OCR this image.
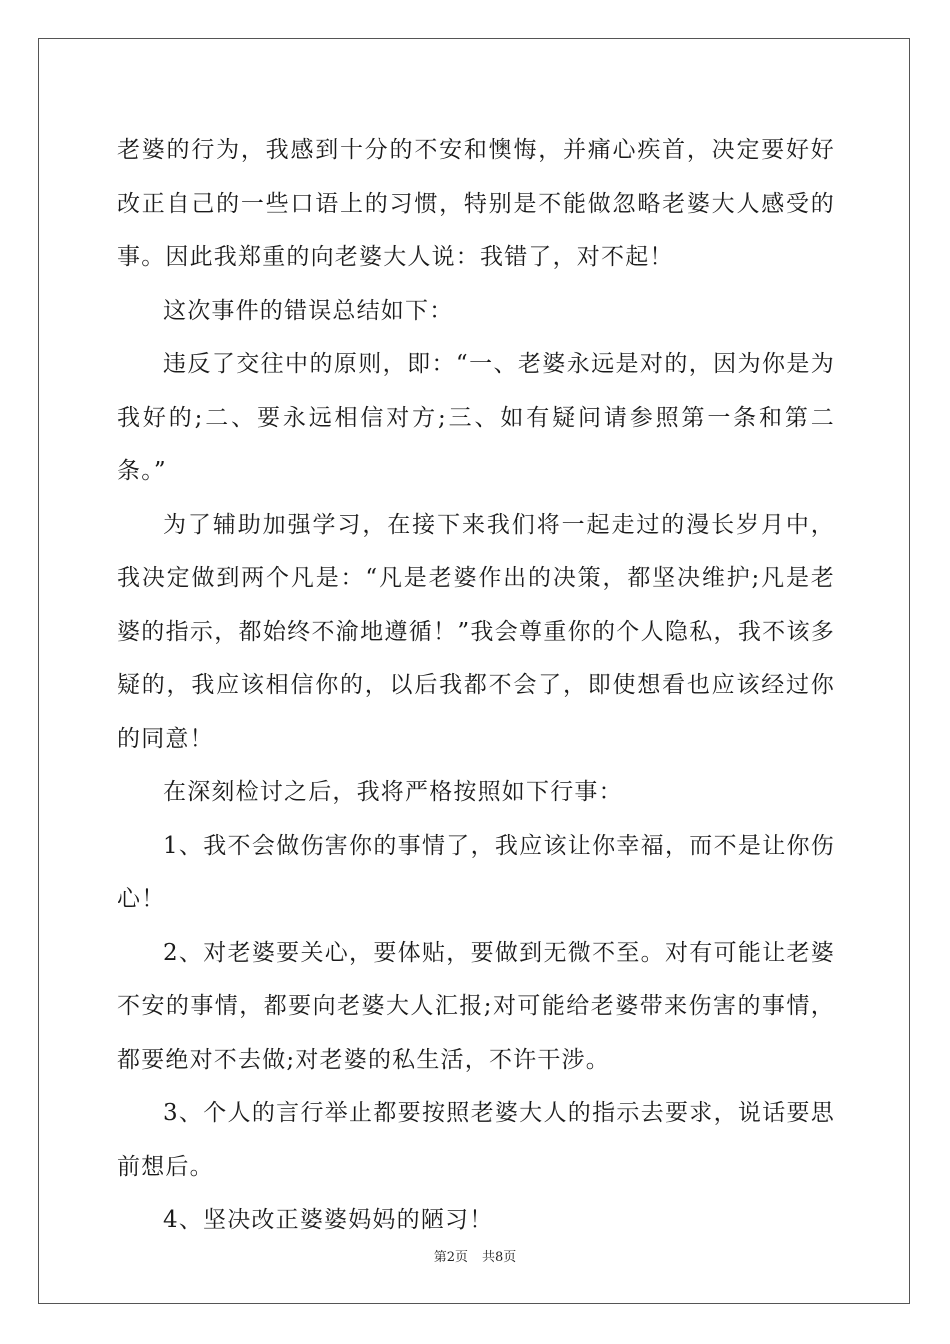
老婆的行为，我感到十分的不安和懊悔，并痛心疾首，决定要好好改正自己的一些口语上的习惯，特别是不能做忽略老婆大人感受的事。因此我郑重的向老婆大人说：我错了，对不起！

这次事件的错误总结如下：

违反了交往中的原则，即：“一、老婆永远是对的，因为你是为我好的;二、要永远相信对方;三、如有疑问请参照第一条和第二条。”

为了辅助加强学习，在接下来我们将一起走过的漫长岁月中，我决定做到两个凡是：“凡是老婆作出的决策，都坚决维护;凡是老婆的指示，都始终不渝地遵循！”我会尊重你的个人隐私，我不该多疑的，我应该相信你的，以后我都不会了，即使想看也应该经过你的同意！

在深刻检讨之后，我将严格按照如下行事：

1、我不会做伤害你的事情了，我应该让你幸福，而不是让你伤心！

2、对老婆要关心，要体贴，要做到无微不至。对有可能让老婆不安的事情，都要向老婆大人汇报;对可能给老婆带来伤害的事情，都要绝对不去做;对老婆的私生活，不许干涉。

3、个人的言行举止都要按照老婆大人的指示去要求，说话要思前想后。

4、坚决改正婆婆妈妈的陋习！

第2页 共8页
